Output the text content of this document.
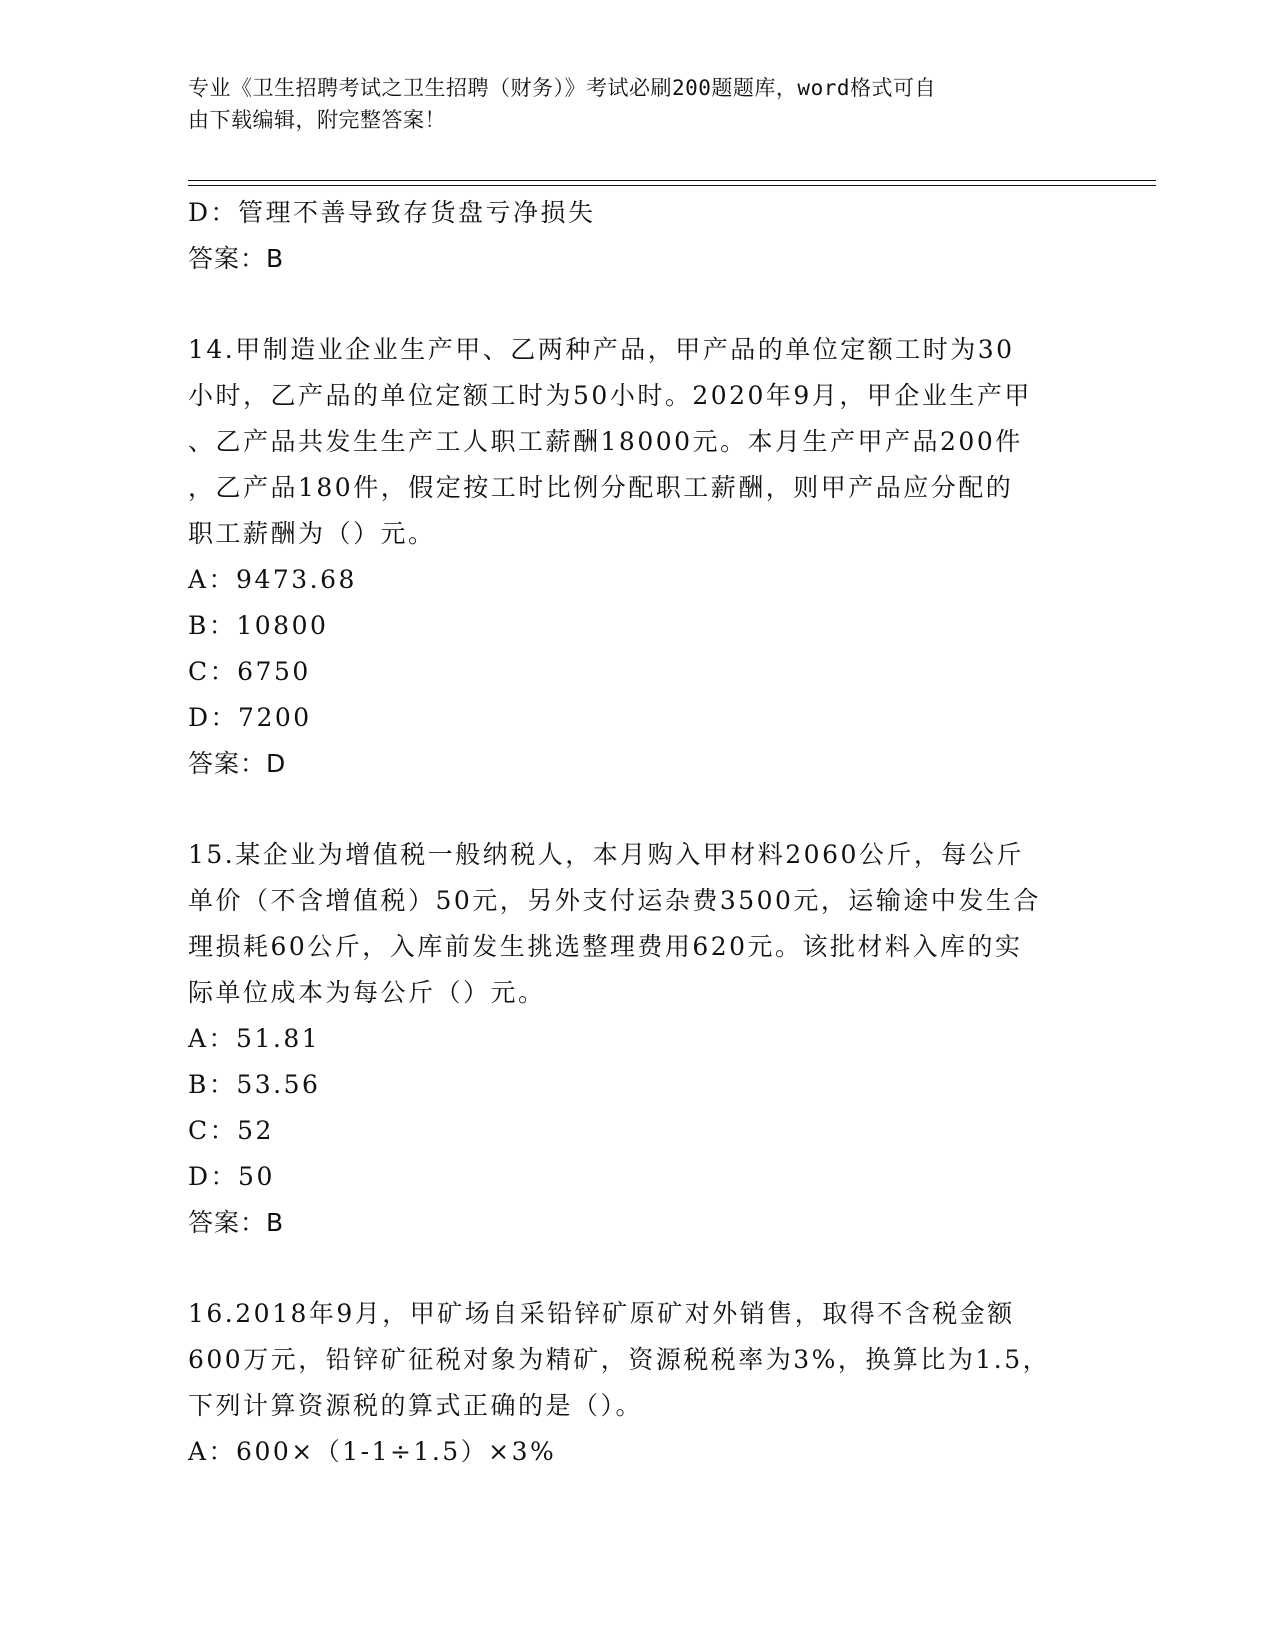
专业《卫生招聘考试之卫生招聘（财务）》考试必刷200题题库，word格式可自
由下载编辑，附完整答案！
D：管理不善导致存货盘亏净损失
答案：B
14.甲制造业企业生产甲、乙两种产品，甲产品的单位定额工时为30
小时，乙产品的单位定额工时为50小时。2020年9月，甲企业生产甲
、乙产品共发生生产工人职工薪酬18000元。本月生产甲产品200件
，乙产品180件，假定按工时比例分配职工薪酬，则甲产品应分配的
职工薪酬为（）元。
A：9473.68
B：10800
C：6750
D：7200
答案：D
15.某企业为增值税一般纳税人，本月购入甲材料2060公斤，每公斤
单价（不含增值税）50元，另外支付运杂费3500元，运输途中发生合
理损耗60公斤，入库前发生挑选整理费用620元。该批材料入库的实
际单位成本为每公斤（）元。
A：51.81
B：53.56
C：52
D：50
答案：B
16.2018年9月，甲矿场自采铅锌矿原矿对外销售，取得不含税金额
600万元，铅锌矿征税对象为精矿，资源税税率为3%，换算比为1.5，
下列计算资源税的算式正确的是（）。
A：600×（1-1÷1.5）×3%
